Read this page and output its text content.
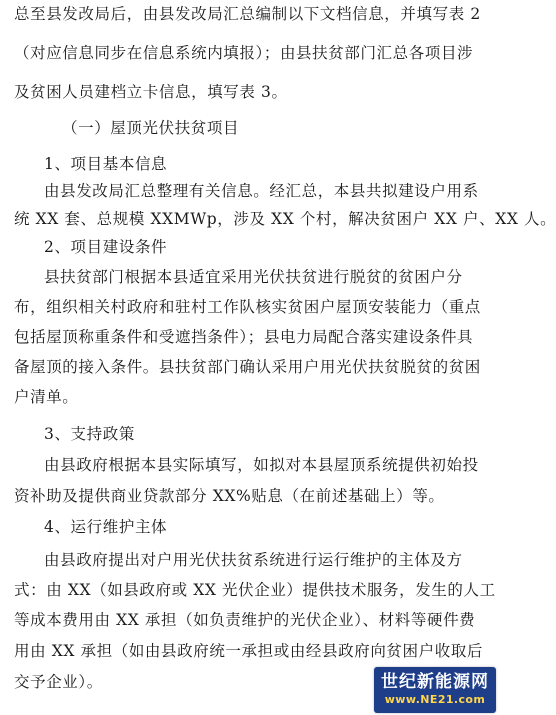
总至县发改局后，由县发改局汇总编制以下文档信息，并填写表 2
（对应信息同步在信息系统内填报）；由县扶贫部门汇总各项目涉
及贫困人员建档立卡信息，填写表 3。
（一）屋顶光伏扶贫项目
1、项目基本信息
由县发改局汇总整理有关信息。经汇总，本县共拟建设户用系
统 XX 套、总规模 XXMWp，涉及 XX 个村，解决贫困户 XX 户、XX 人。
2、项目建设条件
县扶贫部门根据本县适宜采用光伏扶贫进行脱贫的贫困户分
布，组织相关村政府和驻村工作队核实贫困户屋顶安装能力（重点
包括屋顶称重条件和受遮挡条件）；县电力局配合落实建设条件具
备屋顶的接入条件。县扶贫部门确认采用户用光伏扶贫脱贫的贫困
户清单。
3、支持政策
由县政府根据本县实际填写，如拟对本县屋顶系统提供初始投
资补助及提供商业贷款部分 XX%贴息（在前述基础上）等。
4、运行维护主体
由县政府提出对户用光伏扶贫系统进行运行维护的主体及方
式：由 XX（如县政府或 XX 光伏企业）提供技术服务，发生的人工
等成本费用由 XX 承担（如负责维护的光伏企业）、材料等硬件费
用由 XX 承担（如由县政府统一承担或由经县政府向贫困户收取后
交予企业）。	世纪新能源网
www.NE21.com
